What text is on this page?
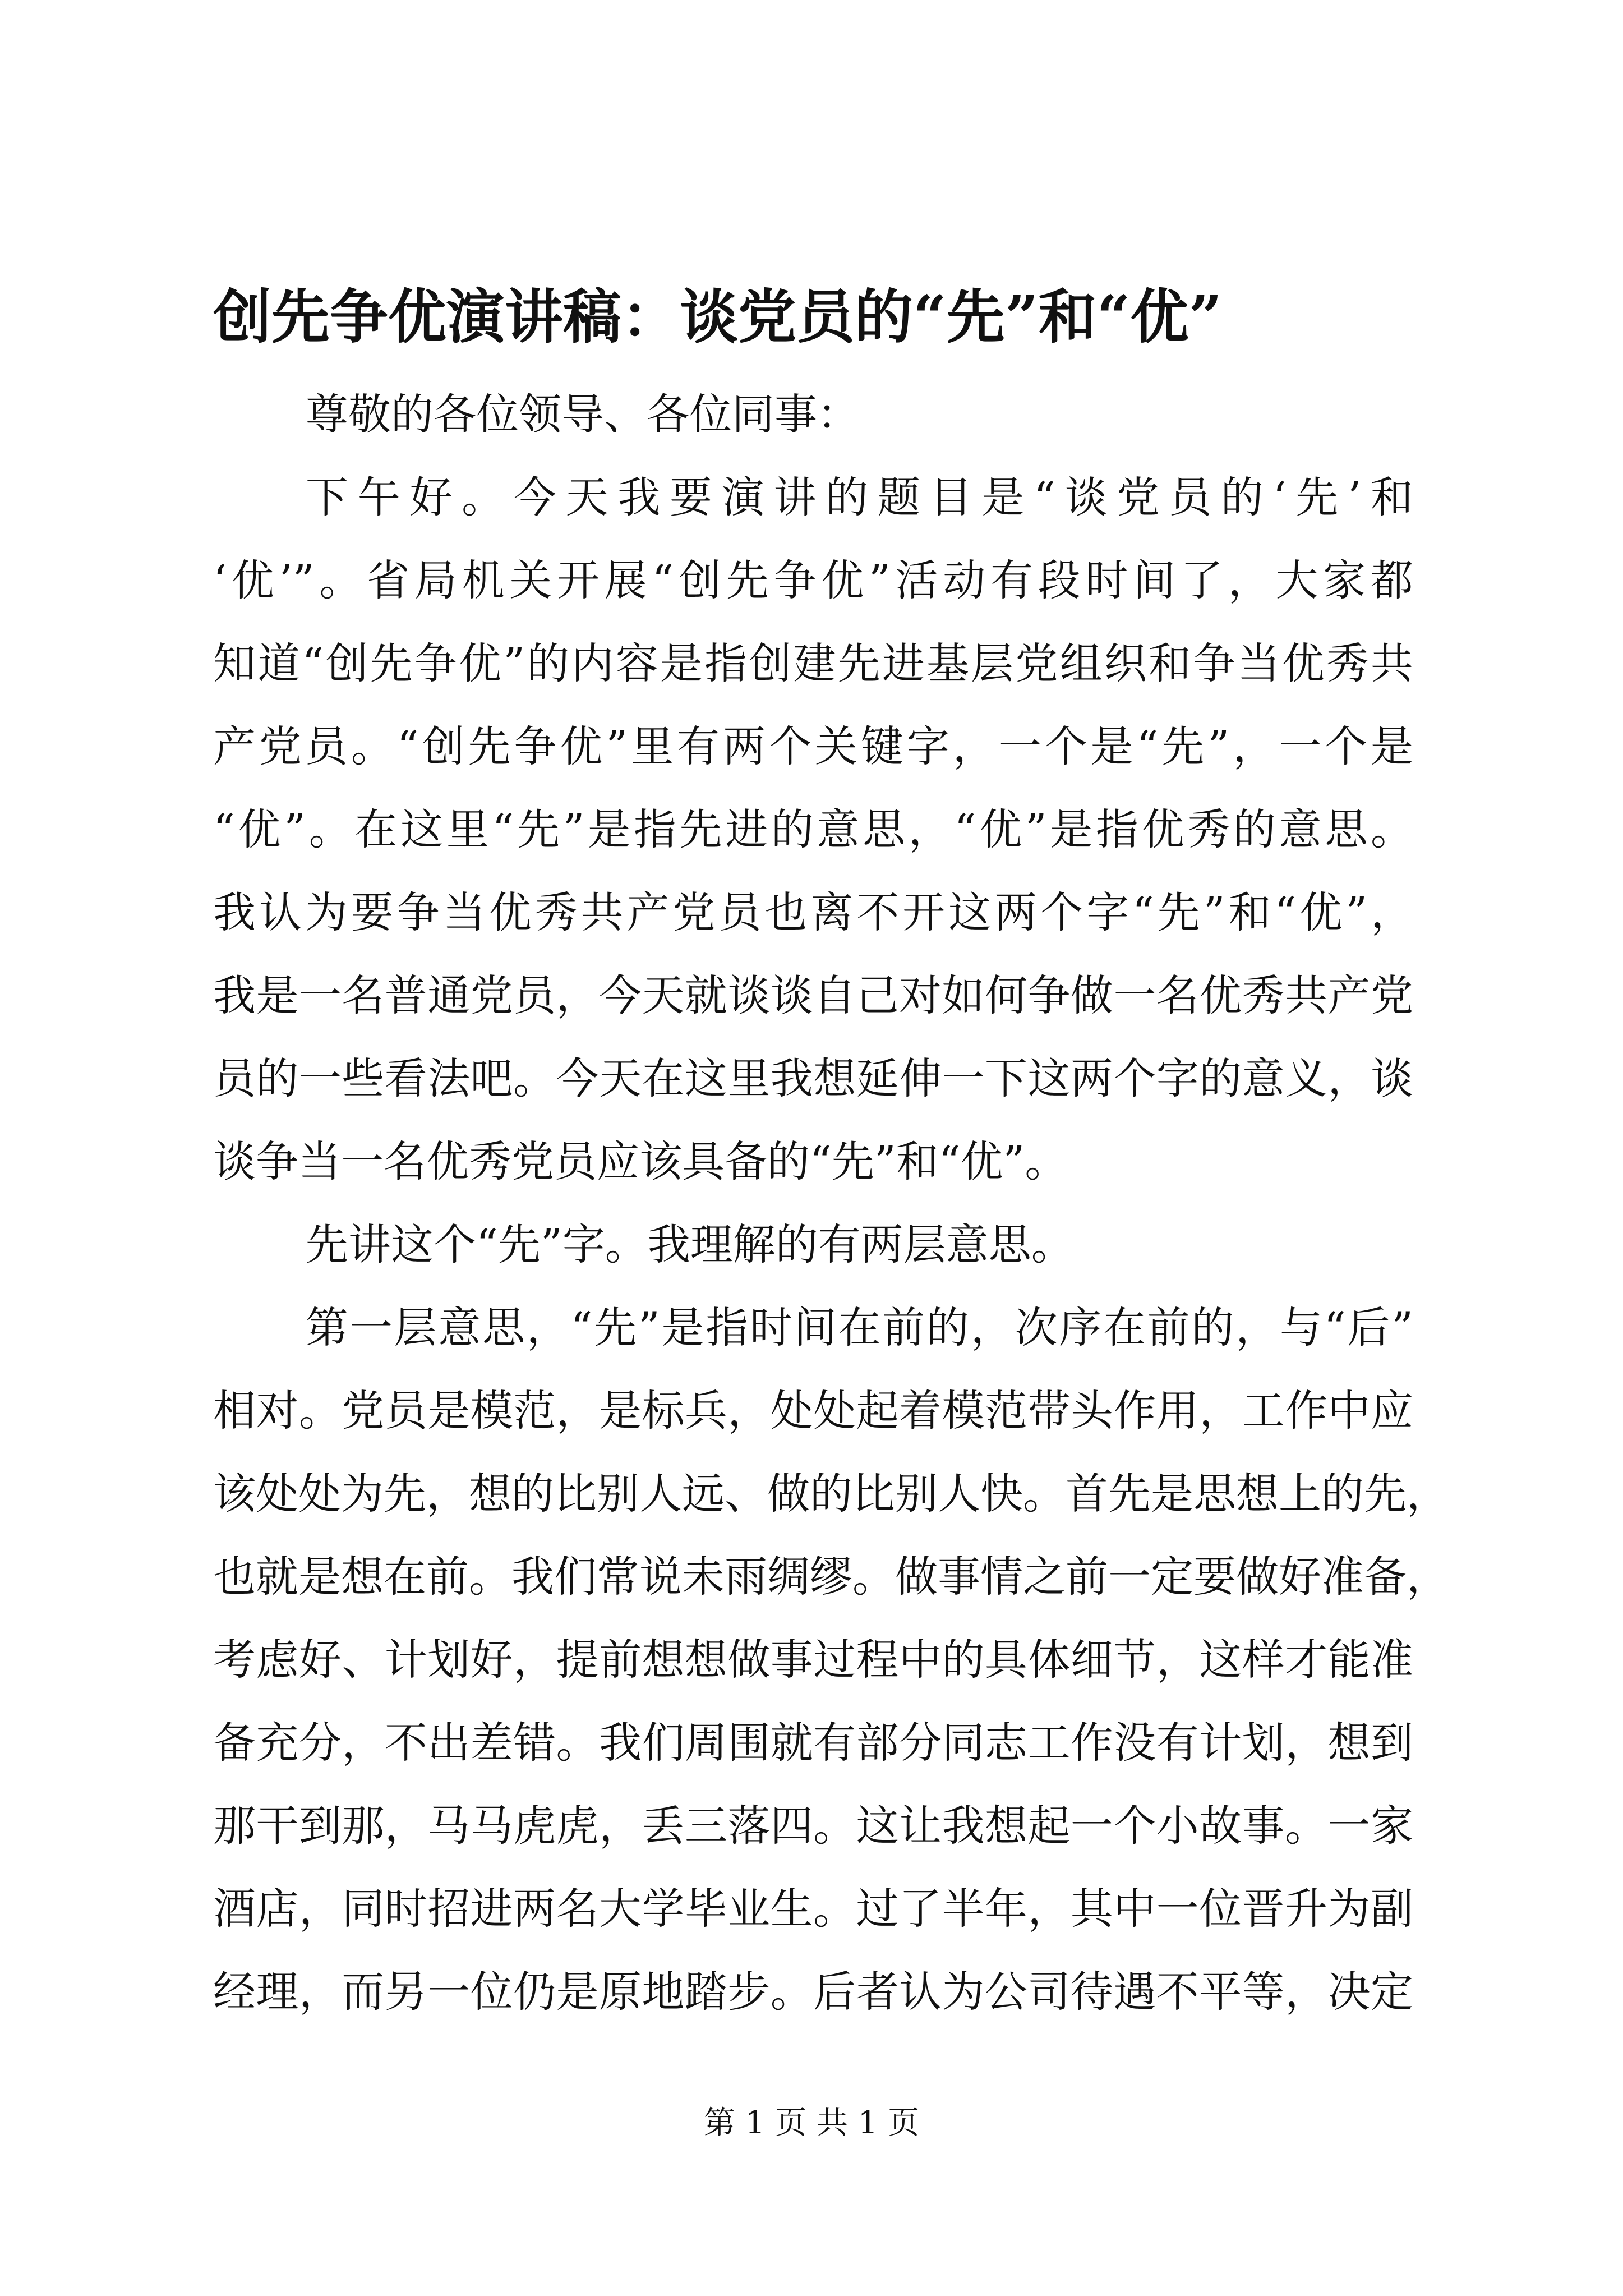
创先争优演讲稿：谈党员的“先”和“优”
尊敬的各位领导、各位同事：
下午好。今天我要演讲的题目是“谈党员的‘先’和
‘优’”。省局机关开展“创先争优”活动有段时间了，大家都
知道“创先争优”的内容是指创建先进基层党组织和争当优秀共
产党员。“创先争优”里有两个关键字，一个是“先”，一个是
“优”。在这里“先”是指先进的意思，“优”是指优秀的意思。
我认为要争当优秀共产党员也离不开这两个字“先”和“优”，
我是一名普通党员，今天就谈谈自己对如何争做一名优秀共产党
员的一些看法吧。今天在这里我想延伸一下这两个字的意义，谈
谈争当一名优秀党员应该具备的“先”和“优”。
先讲这个“先”字。我理解的有两层意思。
第一层意思，“先”是指时间在前的，次序在前的，与“后”
相对。党员是模范，是标兵，处处起着模范带头作用，工作中应
该处处为先，想的比别人远、做的比别人快。首先是思想上的先，
也就是想在前。我们常说未雨绸缪。做事情之前一定要做好准备，
考虑好、计划好，提前想想做事过程中的具体细节，这样才能准
备充分，不出差错。我们周围就有部分同志工作没有计划，想到
那干到那，马马虎虎，丢三落四。这让我想起一个小故事。一家
酒店，同时招进两名大学毕业生。过了半年，其中一位晋升为副
经理，而另一位仍是原地踏步。后者认为公司待遇不平等，决定
第 1 页 共 1 页
